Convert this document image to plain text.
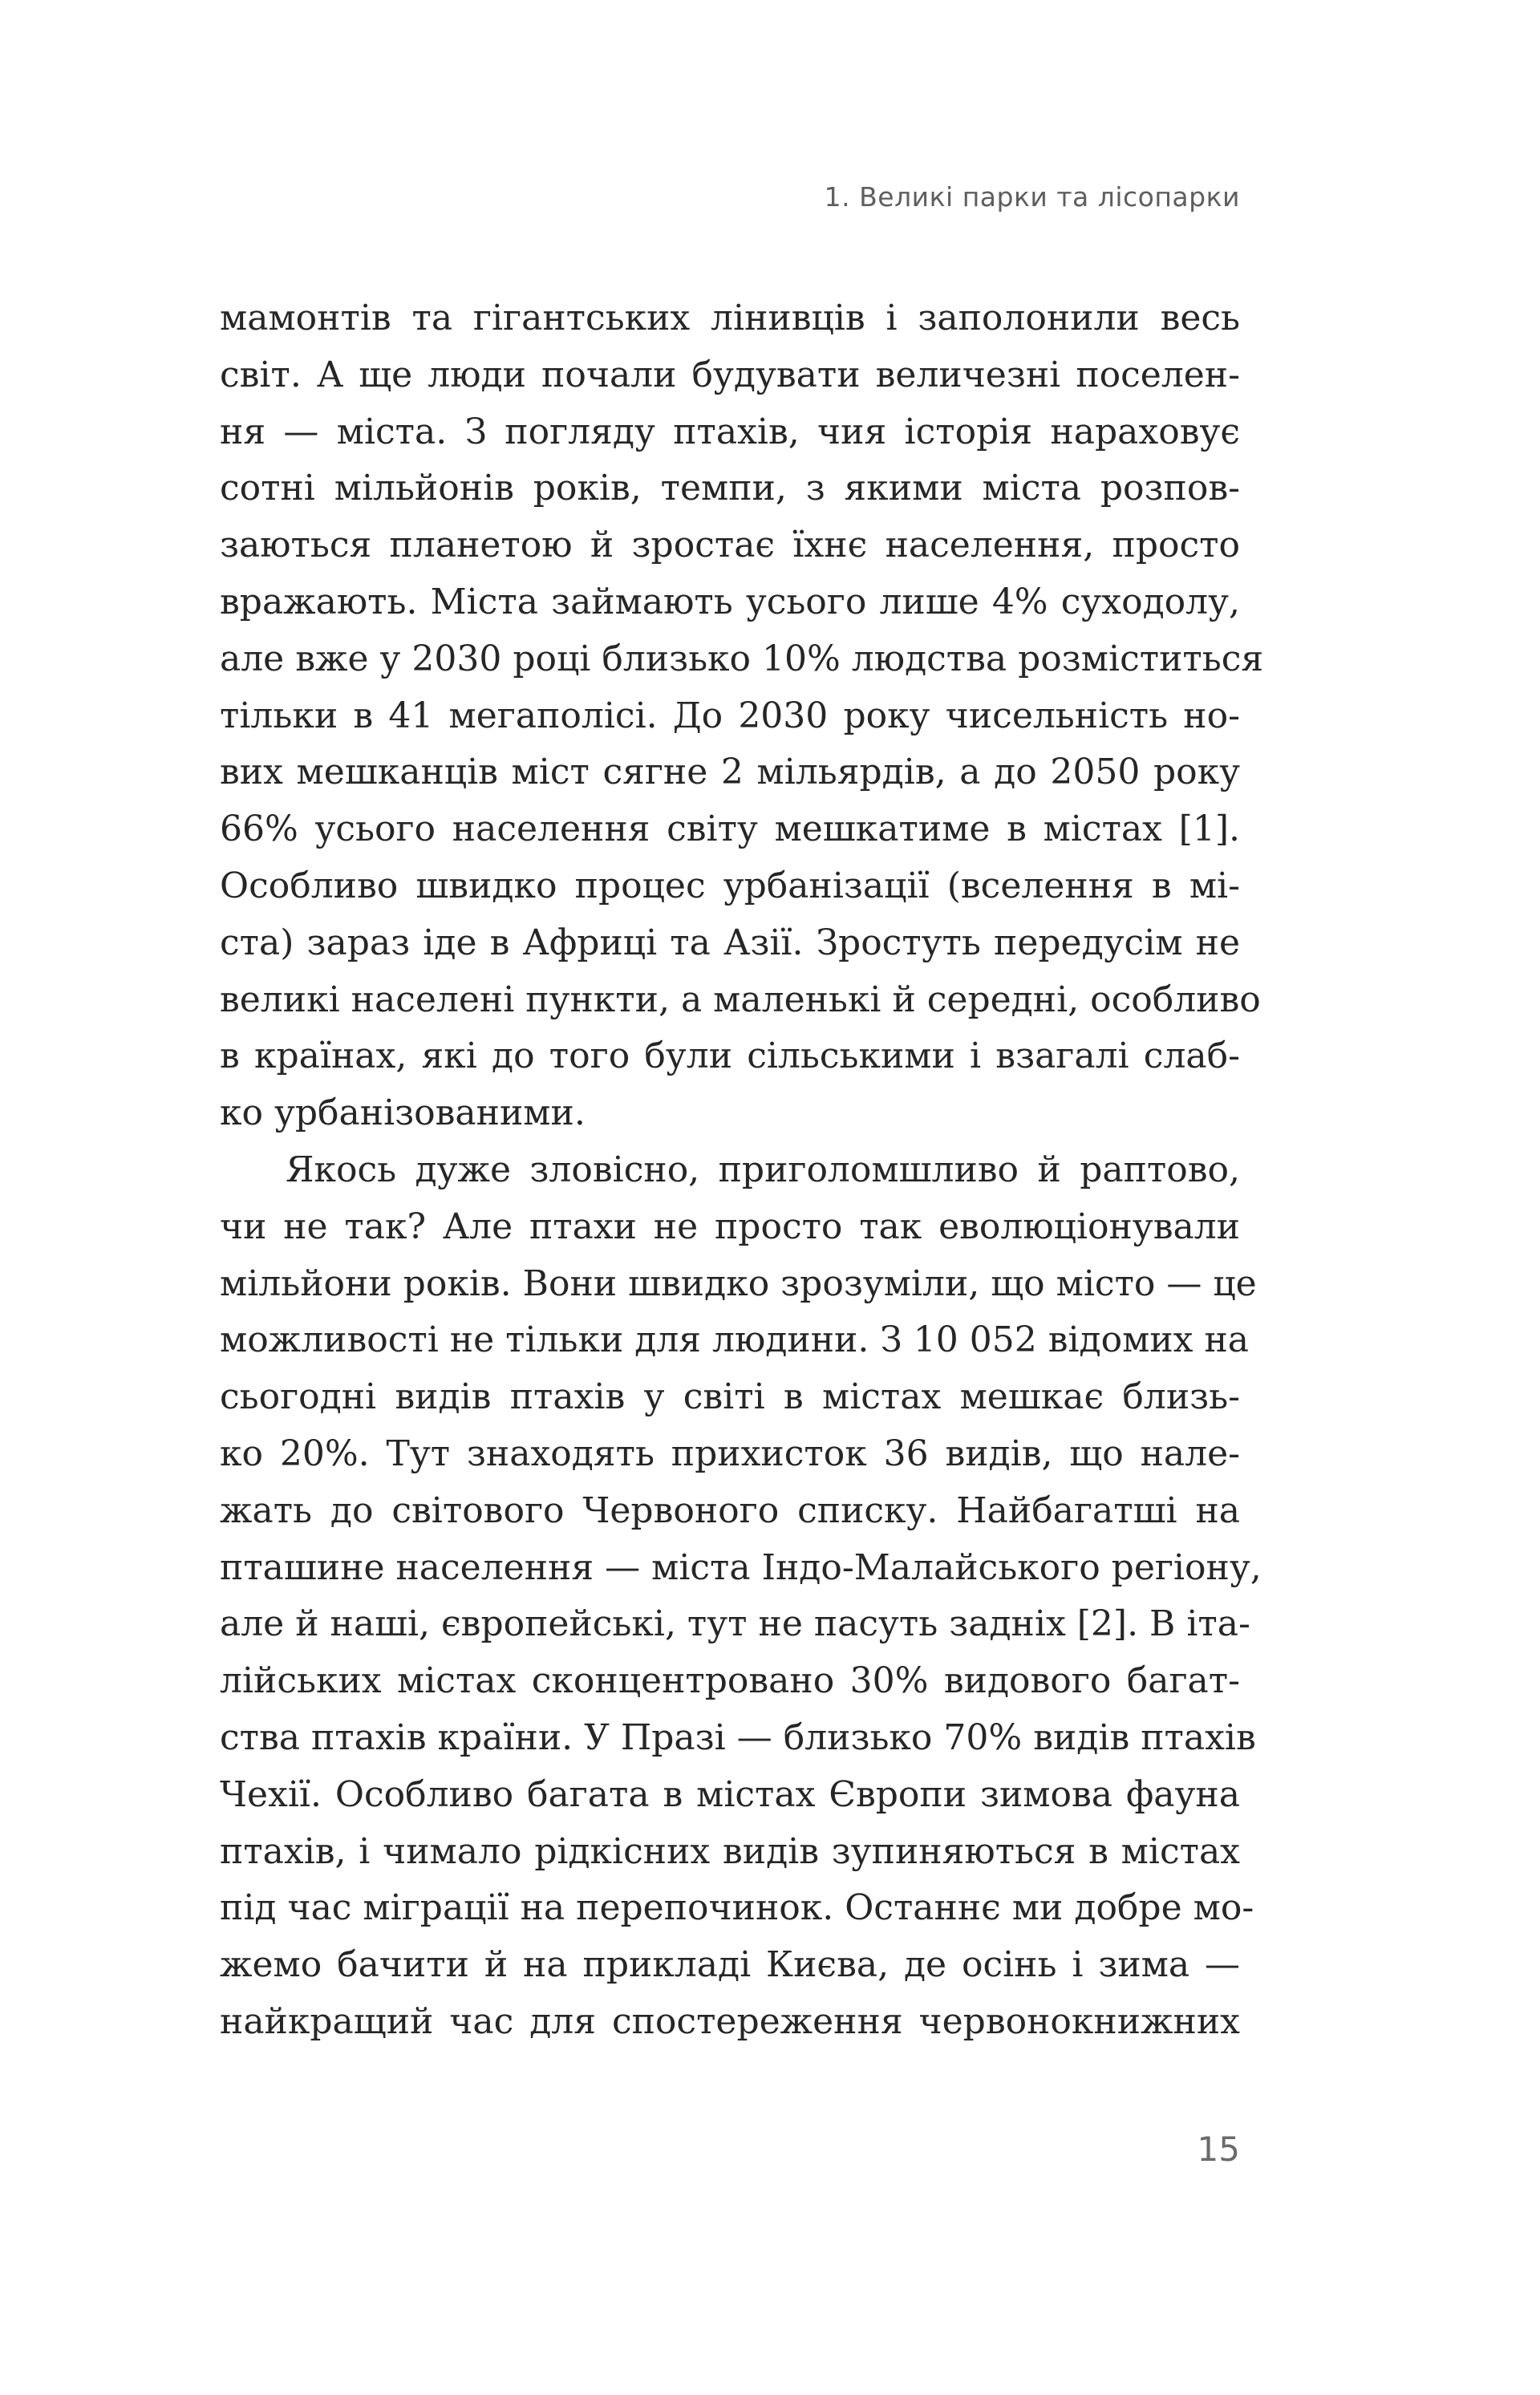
1. Великі парки та лісопарки
мамонтів та гігантських лінивців і заполонили весь
світ. А ще люди почали будувати величезні поселен-
ня — міста. З погляду птахів, чия історія нараховує
сотні мільйонів років, темпи, з якими міста розпов-
заються планетою й зростає їхнє населення, просто
вражають. Міста займають усього лише 4% суходолу,
але вже у 2030 році близько 10% людства розміститься
тільки в 41 мегаполісі. До 2030 року чисельність но-
вих мешканців міст сягне 2 мільярдів, а до 2050 року
66% усього населення світу мешкатиме в містах [1].
Особливо швидко процес урбанізації (вселення в мі-
ста) зараз іде в Африці та Азії. Зростуть передусім не
великі населені пункти, а маленькі й середні, особливо
в країнах, які до того були сільськими і взагалі слаб-
ко урбанізованими.
Якось дуже зловісно, приголомшливо й раптово,
чи не так? Але птахи не просто так еволюціонували
мільйони років. Вони швидко зрозуміли, що місто — це
можливості не тільки для людини. З 10 052 відомих на
сьогодні видів птахів у світі в містах мешкає близь-
ко 20%. Тут знаходять прихисток 36 видів, що нале-
жать до світового Червоного списку. Найбагатші на
пташине населення — міста Індо-Малайського регіону,
але й наші, європейські, тут не пасуть задніх [2]. В іта-
лійських містах сконцентровано 30% видового багат-
ства птахів країни. У Празі — близько 70% видів птахів
Чехії. Особливо багата в містах Європи зимова фауна
птахів, і чимало рідкісних видів зупиняються в містах
під час міграції на перепочинок. Останнє ми добре мо-
жемо бачити й на прикладі Києва, де осінь і зима —
найкращий час для спостереження червонокнижних
15
